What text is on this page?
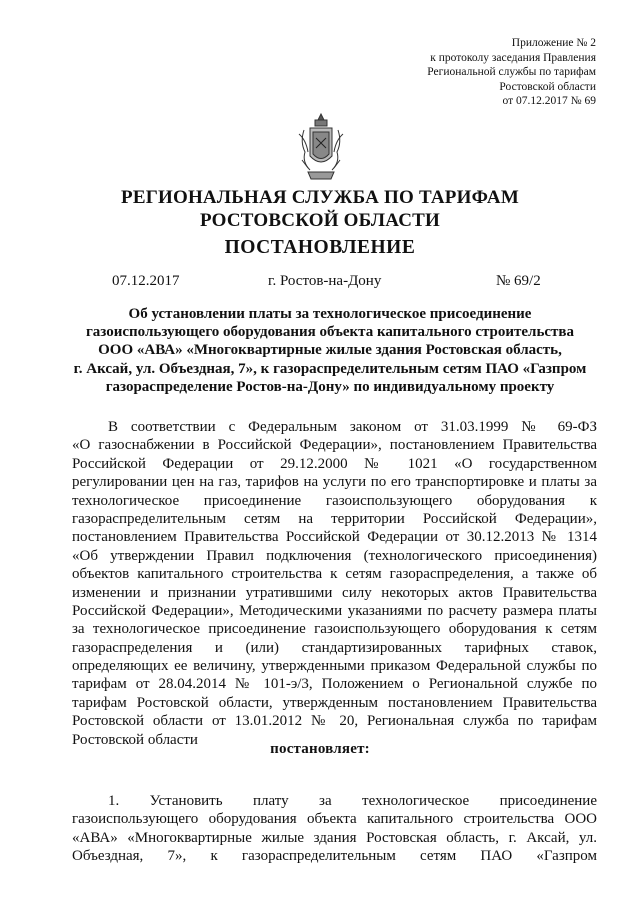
Приложение № 2
к протоколу заседания Правления
Региональной службы по тарифам
Ростовской области
от 07.12.2017 № 69
РЕГИОНАЛЬНАЯ СЛУЖБА ПО ТАРИФАМ
РОСТОВСКОЙ ОБЛАСТИ
ПОСТАНОВЛЕНИЕ
07.12.2017	г. Ростов-на-Дону	№ 69/2
Об установлении платы за технологическое присоединение
газоиспользующего оборудования объекта капитального строительства
ООО «АВА» «Многоквартирные жилые здания Ростовская область,
г. Аксай, ул. Объездная, 7», к газораспределительным сетям ПАО «Газпром
газораспределение Ростов-на-Дону» по индивидуальному проекту
В соответствии с Федеральным законом от 31.03.1999 № 69-ФЗ
«О газоснабжении в Российской Федерации», постановлением Правительства
Российской Федерации от 29.12.2000 № 1021 «О государственном
регулировании цен на газ, тарифов на услуги по его транспортировке и платы за
технологическое присоединение газоиспользующего оборудования к
газораспределительным сетям на территории Российской Федерации»,
постановлением Правительства Российской Федерации от 30.12.2013 № 1314
«Об утверждении Правил подключения (технологического присоединения)
объектов капитального строительства к сетям газораспределения, а также об
изменении и признании утратившими силу некоторых актов Правительства
Российской Федерации», Методическими указаниями по расчету размера платы
за технологическое присоединение газоиспользующего оборудования к сетям
газораспределения и (или) стандартизированных тарифных ставок,
определяющих ее величину, утвержденными приказом Федеральной службы по
тарифам от 28.04.2014 № 101-э/3, Положением о Региональной службе по
тарифам Ростовской области, утвержденным постановлением Правительства
Ростовской области от 13.01.2012 № 20, Региональная служба по тарифам
Ростовской области
постановляет:
1. Установить плату за технологическое присоединение
газоиспользующего оборудования объекта капитального строительства ООО
«АВА» «Многоквартирные жилые здания Ростовская область, г. Аксай, ул.
Объездная, 7», к газораспределительным сетям ПАО «Газпром
